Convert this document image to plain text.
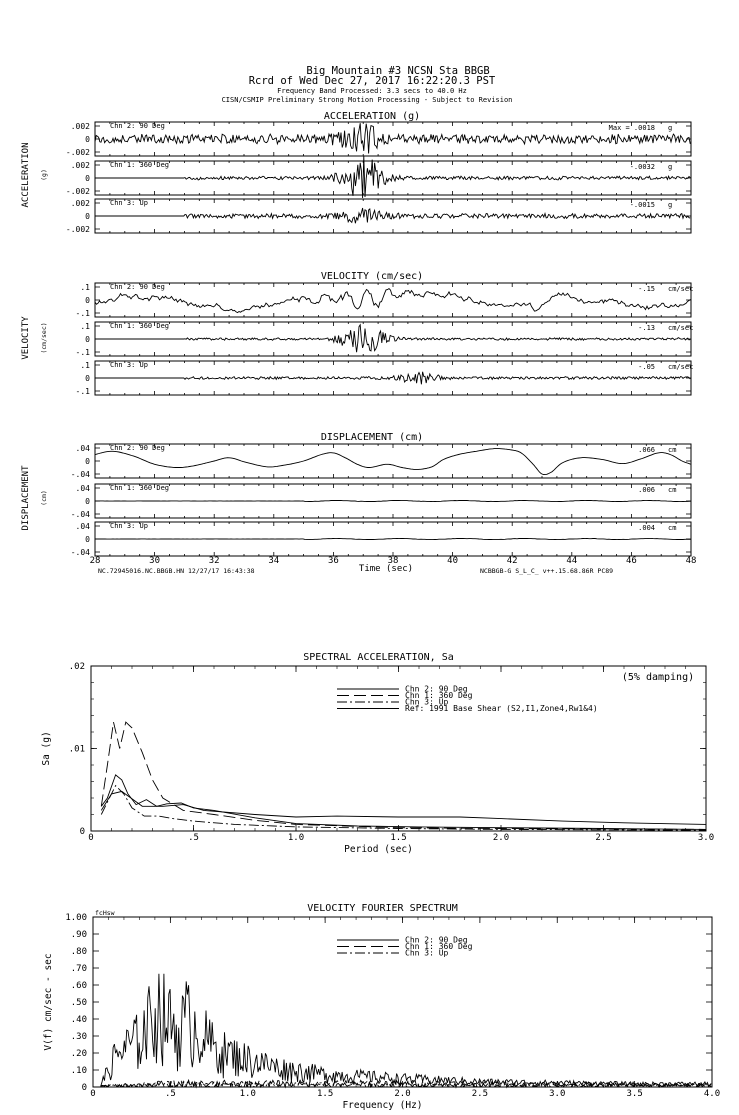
Big Mountain #3 NCSN Sta BBGB
Rcrd of Wed Dec 27, 2017 16:22:20.3 PST
Frequency Band Processed: 3.3 secs to 40.0 Hz
CISN/CSMIP Preliminary Strong Motion Processing - Subject to Revision
ACCELERATION (g)
ACCELERATION (g)
.002
0
-.002
Chn 2: 90 Deg	Max = .0018 g
.002
0
-.002
Chn 1: 360 Deg	-.0032 g
.002
0
-.002
Chn 3: Up	-.0015 g
VELOCITY (cm/sec)
VELOCITY (cm/sec)
.1
0
-.1
Chn 2: 90 Deg	-.15 cm/sec
.1
0
-.1
Chn 1: 360 Deg	-.13 cm/sec
.1
0
-.1
Chn 3: Up	-.05 cm/sec
DISPLACEMENT (cm)
DISPLACEMENT (cm)
.04
0
-.04
Chn 2: 90 Deg	.066 cm
.04
0
-.04
Chn 1: 360 Deg	.006 cm
.04
0
-.04
Chn 3: Up	.004 cm
28	30	32	34	36	38	40	42	44	46	48
Time (sec)
SPECTRAL ACCELERATION, Sa
0	.5	1.0	1.5	2.0	2.5	3.0
0
.01
.02
Period (sec)
Sa (g)
(5% damping)
Chn 2: 90 Deg
Chn 1: 360 Deg
Chn 3: Up
Ref: 1991 Base Shear (S2,I1,Zone4,Rw1&4)
VELOCITY FOURIER SPECTRUM
0	.5	1.0	1.5	2.0	2.5	3.0	3.5	4.0
0
.10
.20
.30
.40
.50
.60
.70
.80
.90
1.00
Frequency (Hz)
V(f) cm/sec - sec
fcHsw
Chn 2: 90 Deg
Chn 1: 360 Deg
Chn 3: Up
NC.72945016.NC.BBGB.HN 12/27/17 16:43:38	NCBBGB-G S_L_C_ v++.15.68.86R PC89
